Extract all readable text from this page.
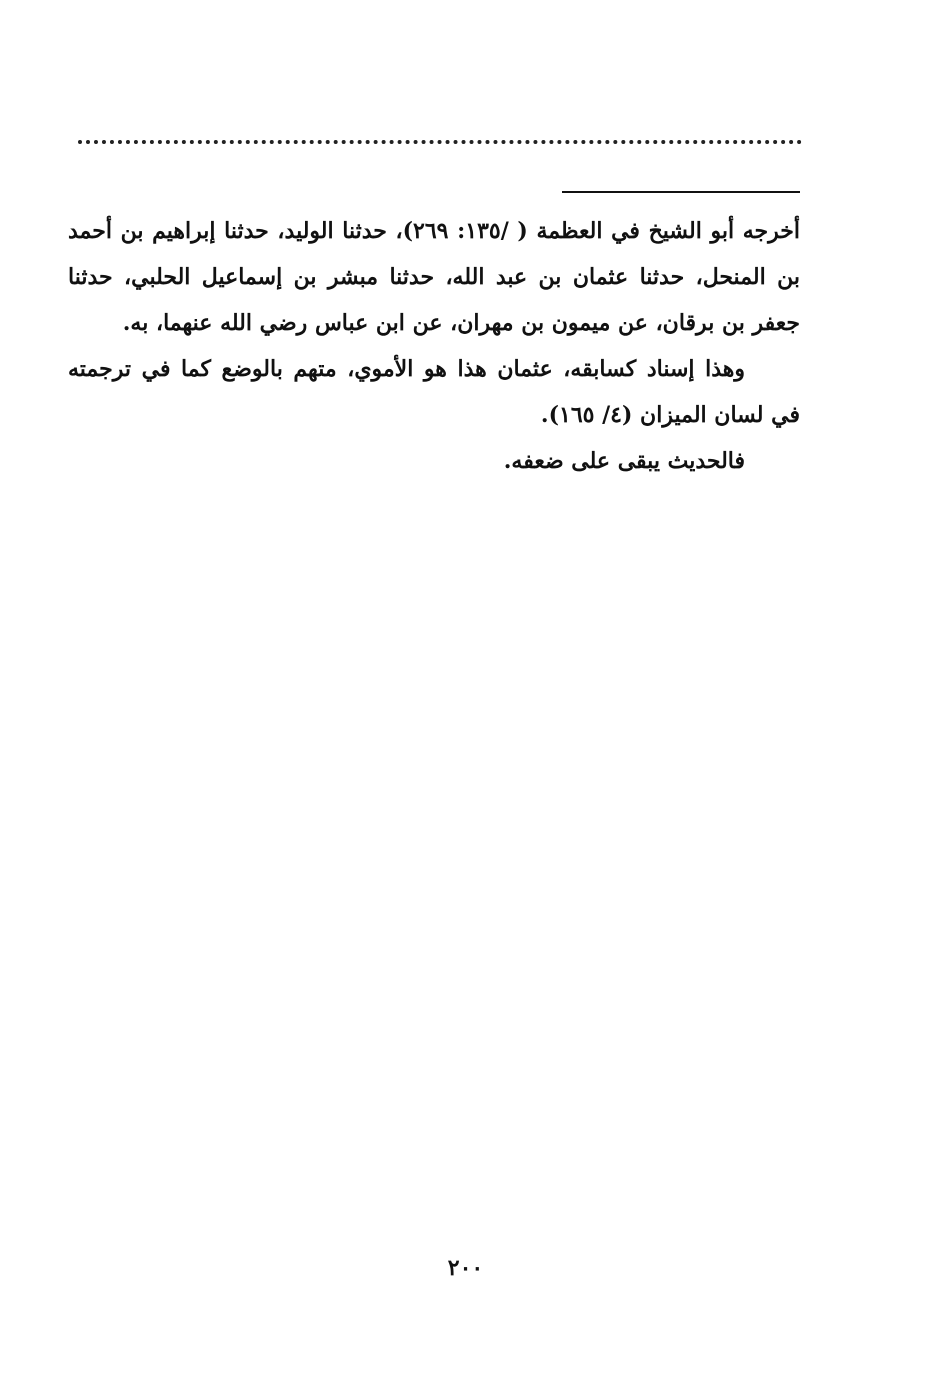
أخرجه أبو الشيخ في العظمة ( /١٣٥: ٢٦٩)، حدثنا الوليد، حدثنا إبراهيم بن أحمد بن المنحل، حدثنا عثمان بن عبد الله، حدثنا مبشر بن إسماعيل الحلبي، حدثنا جعفر بن برقان، عن ميمون بن مهران، عن ابن عباس رضي الله عنهما، به.

وهذا إسناد كسابقه، عثمان هذا هو الأموي، متهم بالوضع كما في ترجمته في لسان الميزان (٤/ ١٦٥).

فالحديث يبقى على ضعفه.

٢٠٠
